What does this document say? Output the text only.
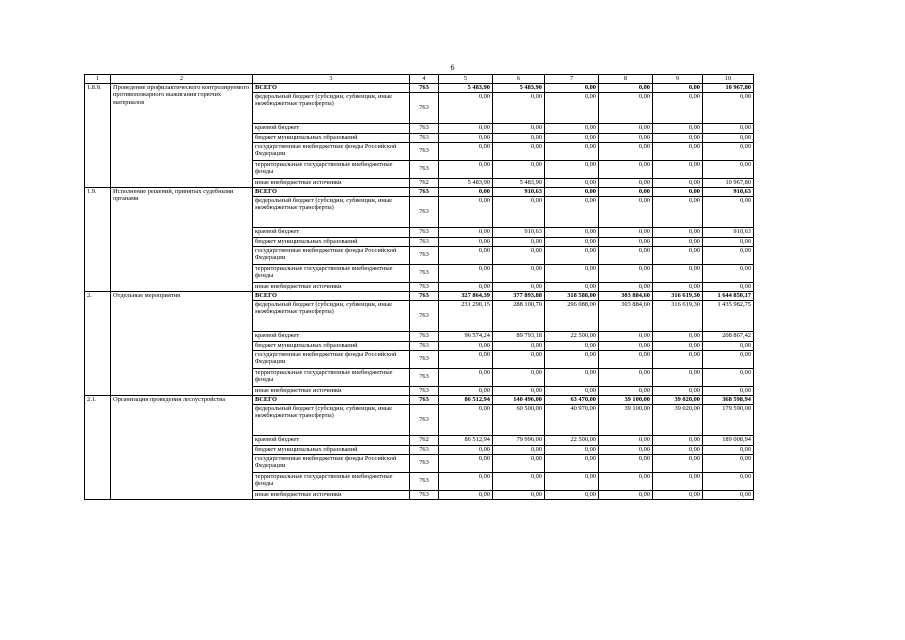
6
1	2	3	4	5	6	7	8	9	10
1.8.9.	Проведение профилактического контролируемого противопожарного выжигания горючих материалов	ВСЕГО	763	5 483,90	5 483,90	0,00	0,00	0,00	10 967,80
		федеральный бюджет (субсидии, субвенции, иные межбюджетные трансферты)	763	0,00	0,00	0,00	0,00	0,00	0,00
		краевой бюджет	763	0,00	0,00	0,00	0,00	0,00	0,00
		бюджет муниципальных образований	763	0,00	0,00	0,00	0,00	0,00	0,00
		государственные внебюджетные фонды Российской Федерации	763	0,00	0,00	0,00	0,00	0,00	0,00
		территориальные государственные внебюджетные фонды	763	0,00	0,00	0,00	0,00	0,00	0,00
		иные внебюджетные источники	762	5 483,90	5 483,90	0,00	0,00	0,00	10 967,80
1.9.	Исполнение решений, принятых судебными органами	ВСЕГО	763	0,00	910,63	0,00	0,00	0,00	910,63
		федеральный бюджет (субсидии, субвенции, иные межбюджетные трансферты)	763	0,00	0,00	0,00	0,00	0,00	0,00
		краевой бюджет	763	0,00	910,63	0,00	0,00	0,00	910,63
		бюджет муниципальных образований	763	0,00	0,00	0,00	0,00	0,00	0,00
		государственные внебюджетные фонды Российской Федерации	763	0,00	0,00	0,00	0,00	0,00	0,00
		территориальные государственные внебюджетные фонды	763	0,00	0,00	0,00	0,00	0,00	0,00
		иные внебюджетные источники	763	0,00	0,00	0,00	0,00	0,00	0,00
2.	Отдельные мероприятия	ВСЕГО	763	327 864,39	377 893,88	318 588,00	303 884,60	316 619,30	1 644 850,17
		федеральный бюджет (субсидии, субвенции, иные межбюджетные трансферты)	763	231 290,15	288 100,70	296 088,00	303 884,60	316 619,30	1 435 982,75
		краевой бюджет	763	96 574,24	89 793,18	22 500,00	0,00	0,00	208 867,42
		бюджет муниципальных образований	763	0,00	0,00	0,00	0,00	0,00	0,00
		государственные внебюджетные фонды Российской Федерации	763	0,00	0,00	0,00	0,00	0,00	0,00
		территориальные государственные внебюджетные фонды	763	0,00	0,00	0,00	0,00	0,00	0,00
		иные внебюджетные источники	763	0,00	0,00	0,00	0,00	0,00	0,00
2.1.	Организация проведения лесоустройства	ВСЕГО	763	86 512,94	140 496,00	63 470,00	39 100,00	39 020,00	368 598,94
		федеральный бюджет (субсидии, субвенции, иные межбюджетные трансферты)	763	0,00	60 500,00	40 970,00	39 100,00	39 020,00	179 590,00
		краевой бюджет	762	86 512,94	79 996,00	22 500,00	0,00	0,00	189 008,94
		бюджет муниципальных образований	763	0,00	0,00	0,00	0,00	0,00	0,00
		государственные внебюджетные фонды Российской Федерации	763	0,00	0,00	0,00	0,00	0,00	0,00
		территориальные государственные внебюджетные фонды	763	0,00	0,00	0,00	0,00	0,00	0,00
		иные внебюджетные источники	763	0,00	0,00	0,00	0,00	0,00	0,00
